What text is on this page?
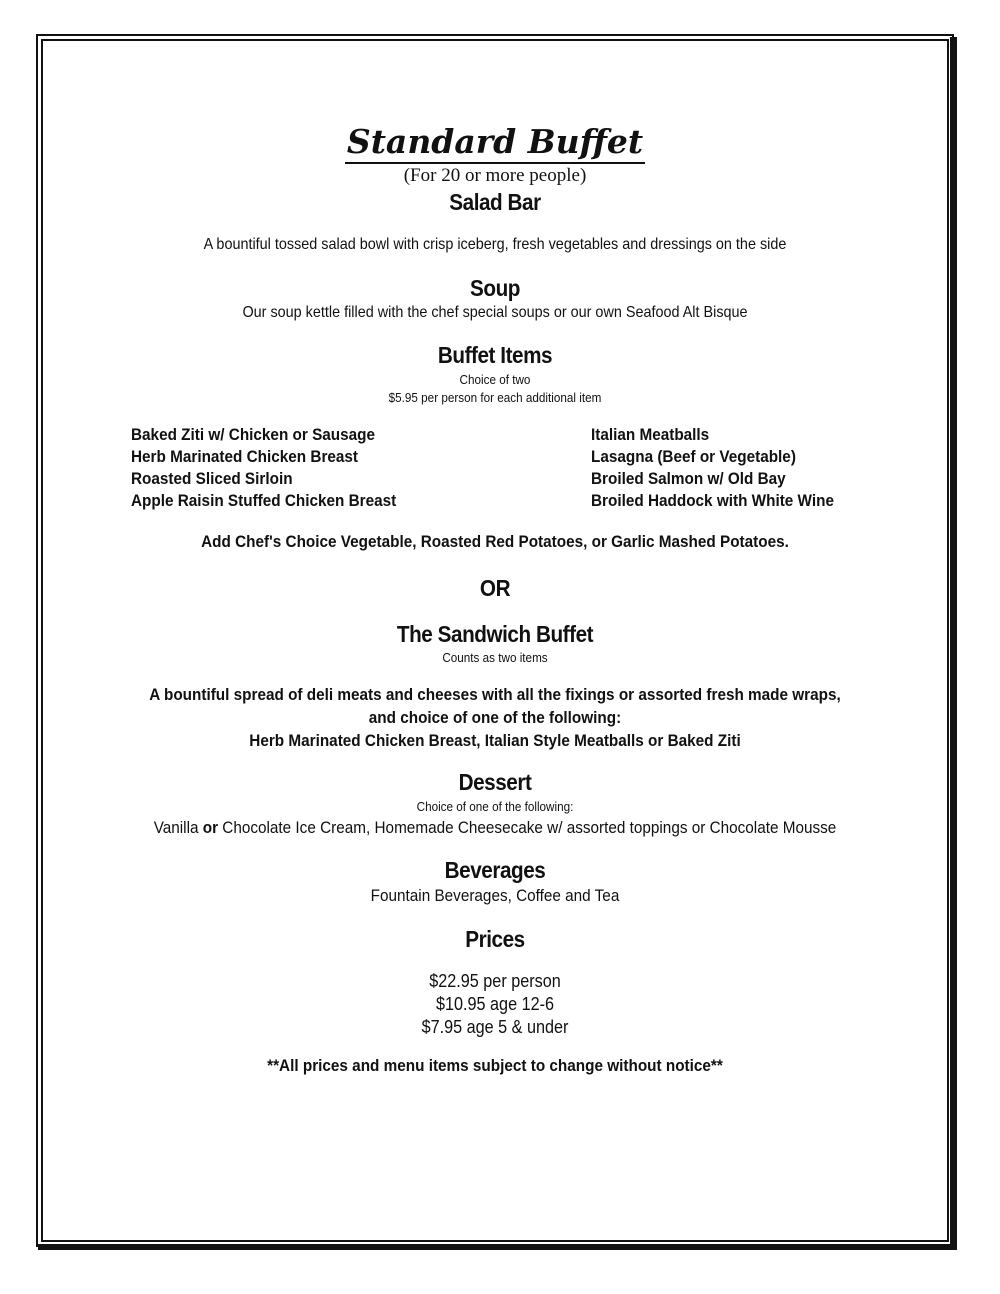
Standard Buffet
(For 20 or more people)
Salad Bar
A bountiful tossed salad bowl with crisp iceberg, fresh vegetables and dressings on the side
Soup
Our soup kettle filled with the chef special soups or our own Seafood Alt Bisque
Buffet Items
Choice of two
$5.95 per person for each additional item
Baked Ziti w/ Chicken or Sausage
Herb Marinated Chicken Breast
Roasted Sliced Sirloin
Apple Raisin Stuffed Chicken Breast
Italian Meatballs
Lasagna (Beef or Vegetable)
Broiled Salmon w/ Old Bay
Broiled Haddock with White Wine
Add Chef's Choice Vegetable, Roasted Red Potatoes, or Garlic Mashed Potatoes.
OR
The Sandwich Buffet
Counts as two items
A bountiful spread of deli meats and cheeses with all the fixings or assorted fresh made wraps,
and choice of one of the following:
Herb Marinated Chicken Breast, Italian Style Meatballs or Baked Ziti
Dessert
Choice of one of the following:
Vanilla or Chocolate Ice Cream, Homemade Cheesecake w/ assorted toppings or Chocolate Mousse
Beverages
Fountain Beverages, Coffee and Tea
Prices
$22.95 per person
$10.95 age 12-6
$7.95 age 5 & under
**All prices and menu items subject to change without notice**
